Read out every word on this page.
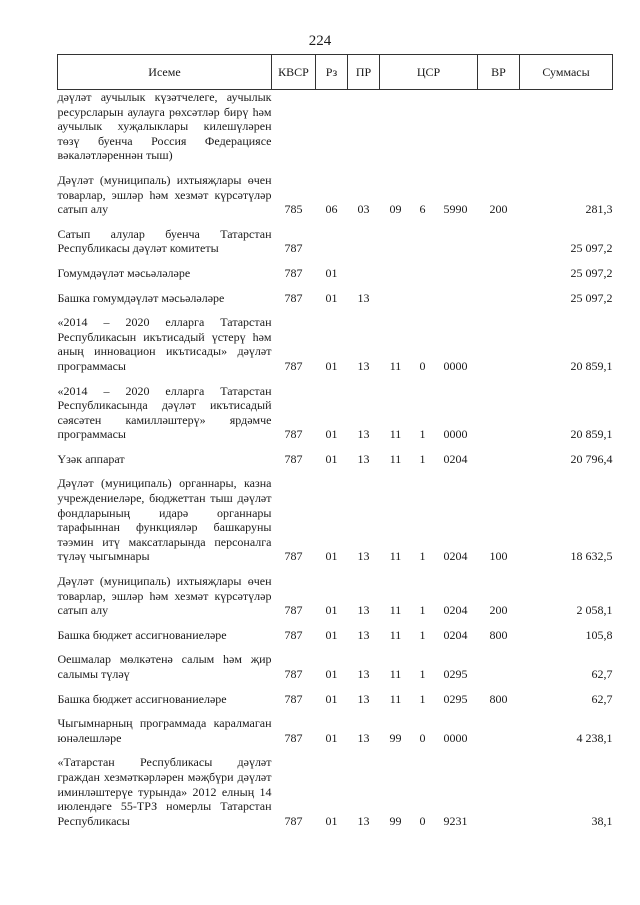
224
Исеме	КВСР	Рз	ПР	ЦСР			ВР	Суммасы
дәүләт аучылык күзәтчелеге, аучылык ресурсларын аулауга рөхсәтләр бирү һәм аучылык хуҗалыклары килешүләрен төзү буенча Россия Федерациясе вәкаләтләреннән тыш)								
Дәүләт (муниципаль) ихтыяҗлары өчен товарлар, эшләр һәм хезмәт күрсәтүләр сатып алу	785	06	03	09	6	5990	200	281,3
Сатып алулар буенча Татарстан Республикасы дәүләт комитеты	787							25 097,2
Гомумдәүләт мәсьәләләре	787	01						25 097,2
Башка гомумдәүләт мәсьәләләре	787	01	13					25 097,2
«2014 – 2020 елларга Татарстан Республикасын икътисадый үстерү һәм аның инновацион икътисады» дәүләт программасы	787	01	13	11	0	0000		20 859,1
«2014 – 2020 елларга Татарстан Республикасында дәүләт икътисадый сәясәтен камилләштерү» ярдәмче программасы	787	01	13	11	1	0000		20 859,1
Үзәк аппарат	787	01	13	11	1	0204		20 796,4
Дәүләт (муниципаль) органнары, казна учреждениеләре, бюджеттан тыш дәүләт фондларының идарә органнары тарафыннан функцияләр башкаруны тәэмин итү максатларында персоналга түләү чыгымнары	787	01	13	11	1	0204	100	18 632,5
Дәүләт (муниципаль) ихтыяҗлары өчен товарлар, эшләр һәм хезмәт күрсәтүләр сатып алу	787	01	13	11	1	0204	200	2 058,1
Башка бюджет ассигнованиеләре	787	01	13	11	1	0204	800	105,8
Оешмалар мөлкәтенә салым һәм җир салымы түләү	787	01	13	11	1	0295		62,7
Башка бюджет ассигнованиеләре	787	01	13	11	1	0295	800	62,7
Чыгымнарның программада каралмаган юнәлешләре	787	01	13	99	0	0000		4 238,1
«Татарстан Республикасы дәүләт граждан хезмәткәрләрен мәҗбүри дәүләт иминләштерүе турында» 2012 елның 14 июлендәге 55-ТРЗ номерлы Татарстан Республикасы	787	01	13	99	0	9231		38,1
